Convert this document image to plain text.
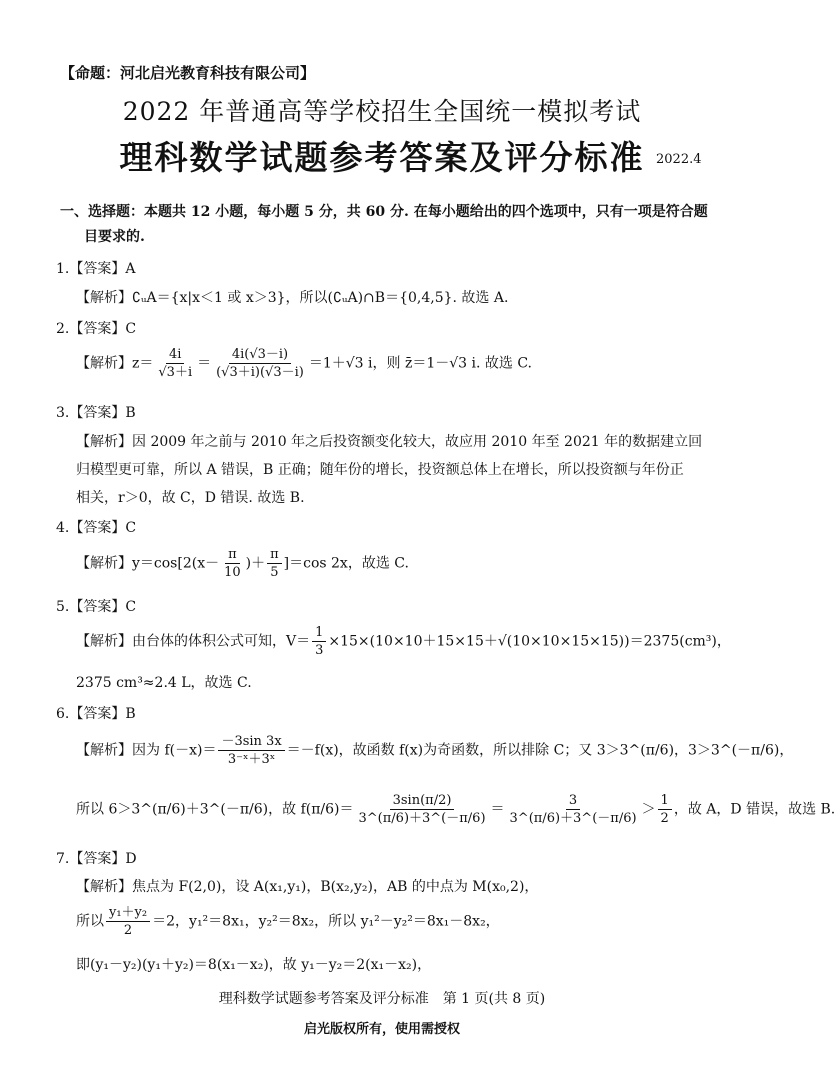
【命题：河北启光教育科技有限公司】
2022 年普通高等学校招生全国统一模拟考试
理科数学试题参考答案及评分标准 2022.4
一、选择题：本题共 12 小题，每小题 5 分，共 60 分. 在每小题给出的四个选项中，只有一项是符合题
目要求的.
1.【答案】A
【解析】∁ᵤA＝{x|x＜1 或 x＞3}，所以(∁ᵤA)∩B＝{0,4,5}. 故选 A.
2.【答案】C
【解析】$z= \frac{4i}{√3+i} = \frac{4i(√3-i)}{(√3+i)(√3-i)} =1+√3$ i，则 z̄＝1－√3 i. 故选 C.
3.【答案】B
【解析】因 2009 年之前与 2010 年之后投资额变化较大，故应用 2010 年至 2021 年的数据建立回
归模型更可靠，所以 A 错误，B 正确；随年份的增长，投资额总体上在增长，所以投资额与年份正
相关，r＞0，故 C，D 错误. 故选 B.
4.【答案】C
【解析】$y=\cos[2(x- \frac{\pi}{10}$ )＋ $\frac{\pi}{5} ]=\cos$ 2x，故选 C.
5.【答案】C
【解析】由台体的体积公式可知，$V= \frac{1}{3} \times 15\times(10\times 10+15\times 15+√(10\times 10\times 15\times 15))=2375(cm^3)$，
2375 cm³≈2.4 L，故选 C.
6.【答案】B
【解析】因为 $f(-x)= \frac{-3\sin 3x}{\text{3⁻ˣ＋3ˣ}} =-f(x)$，故函数 f(x)为奇函数，所以排除 C；又 3＞3^(π/6)，3＞3^(－π/6)，
所以 6＞3^(π/6)＋3^(－π/6)，故 $f(\pi/6)= \frac{3\sin(\pi/2)}{3\^{}(\pi/6)+3\^{}(-\pi/6)} = \frac{3}{3\^{}(\pi/6)+3\^{}(-\pi/6)} > \frac{1}{2}$ ，故 A，D 错误，故选 B.
7.【答案】D
【解析】焦点为 F(2,0)，设 A(x₁,y₁)，B(x₂,y₂)，AB 的中点为 M(x₀,2)，
所以 $\frac{\text{y₁＋y₂}}{2} =2$，y₁²＝8x₁，y₂²＝8x₂，所以 y₁²－y₂²＝8x₁－8x₂，
即(y₁－y₂)(y₁＋y₂)＝8(x₁－x₂)，故 y₁－y₂＝2(x₁－x₂)，
理科数学试题参考答案及评分标准　第 1 页(共 8 页)
启光版权所有，使用需授权
